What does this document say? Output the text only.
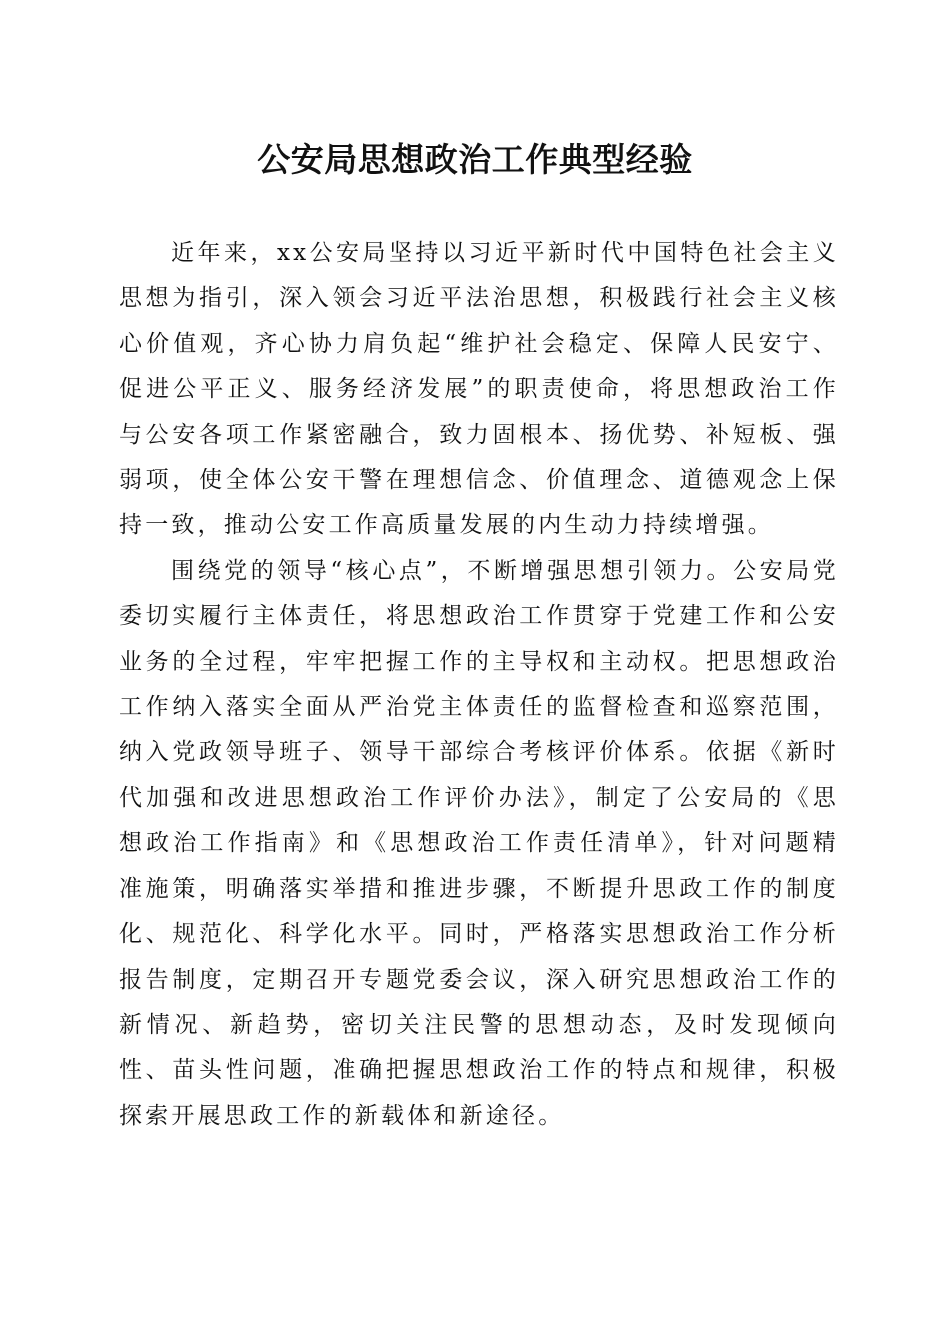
公安局思想政治工作典型经验

近年来，xx公安局坚持以习近平新时代中国特色社会主义思想为指引，深入领会习近平法治思想，积极践行社会主义核心价值观，齐心协力肩负起“维护社会稳定、保障人民安宁、促进公平正义、服务经济发展”的职责使命，将思想政治工作与公安各项工作紧密融合，致力固根本、扬优势、补短板、强弱项，使全体公安干警在理想信念、价值理念、道德观念上保持一致，推动公安工作高质量发展的内生动力持续增强。

围绕党的领导“核心点”，不断增强思想引领力。公安局党委切实履行主体责任，将思想政治工作贯穿于党建工作和公安业务的全过程，牢牢把握工作的主导权和主动权。把思想政治工作纳入落实全面从严治党主体责任的监督检查和巡察范围，纳入党政领导班子、领导干部综合考核评价体系。依据《新时代加强和改进思想政治工作评价办法》，制定了公安局的《思想政治工作指南》和《思想政治工作责任清单》，针对问题精准施策，明确落实举措和推进步骤，不断提升思政工作的制度化、规范化、科学化水平。同时，严格落实思想政治工作分析报告制度，定期召开专题党委会议，深入研究思想政治工作的新情况、新趋势，密切关注民警的思想动态，及时发现倾向性、苗头性问题，准确把握思想政治工作的特点和规律，积极探索开展思政工作的新载体和新途径。
